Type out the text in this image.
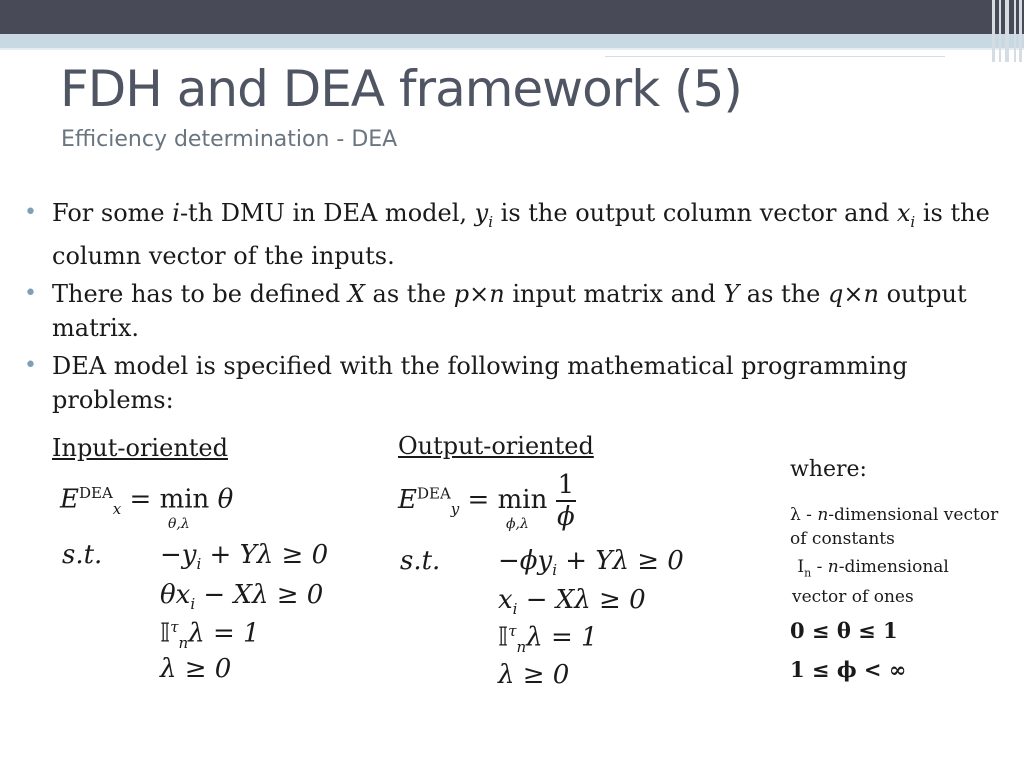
FDH and DEA framework (5)
Efficiency determination - DEA
• For some i-th DMU in DEA model, $y_i$ is the output column vector and $x_i$ is the column vector of the inputs.
• There has to be defined X as the p×n input matrix and Y as the q×n output matrix.
• DEA model is specified with the following mathematical programming problems:
Input-oriented
$E^{DEA}_x = \min \theta$
θ,λ
s.t. $-y_i + Y\lambda \ge 0$
$\theta x_i - X\lambda \ge 0$
𝕀$^\tau_n$λ = 1
λ ≥ 0
Output-oriented
$E^{DEA}_y = \min \frac{1}{\phi}$
ϕ,λ
s.t. $-\phi y_i + Y\lambda \ge 0$
$x_i - X\lambda \ge 0$
𝕀$^\tau_n$λ = 1
λ ≥ 0
where:
λ - n-dimensional vector of constants
$I_n$ - n-dimensional vector of ones
0 ≤ θ ≤ 1
1 ≤ ϕ < ∞
